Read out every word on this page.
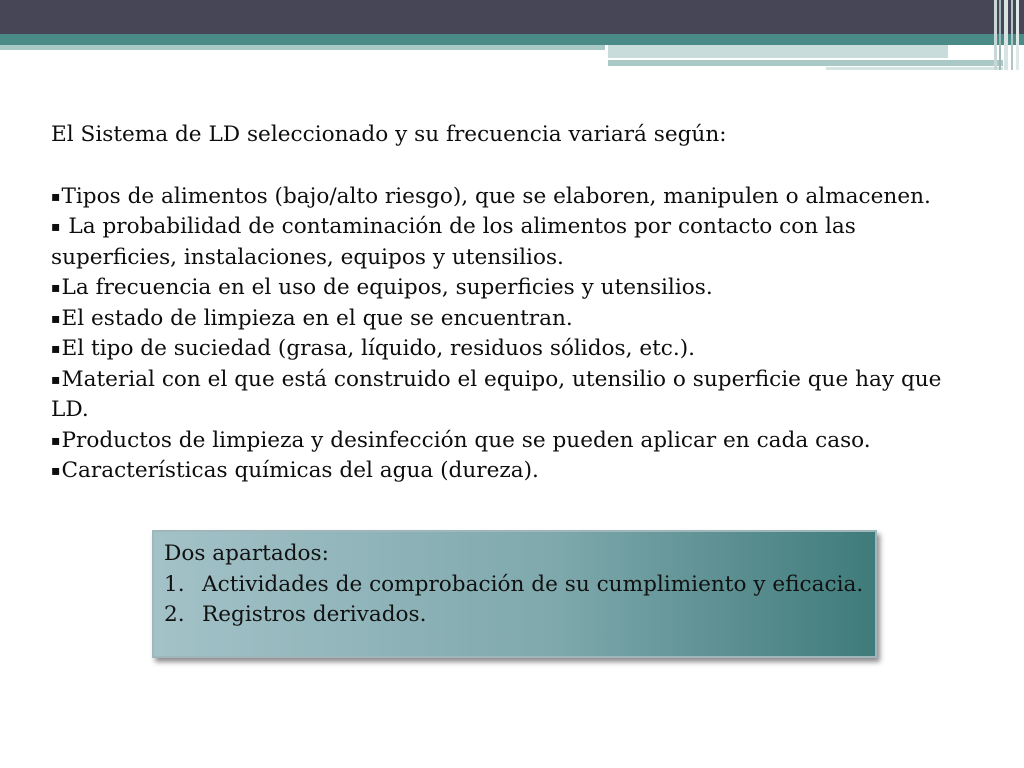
El Sistema de LD seleccionado y su frecuencia variará según:

▪Tipos de alimentos (bajo/alto riesgo), que se elaboren, manipulen o almacenen.
▪ La probabilidad de contaminación de los alimentos por contacto con las superficies, instalaciones, equipos y utensilios.
▪La frecuencia en el uso de equipos, superficies y utensilios.
▪El estado de limpieza en el que se encuentran.
▪El tipo de suciedad (grasa, líquido, residuos sólidos, etc.).
▪Material con el que está construido el equipo, utensilio o superficie que hay que LD.
▪Productos de limpieza y desinfección que se pueden aplicar en cada caso.
▪Características químicas del agua (dureza).

Dos apartados:

1. Actividades de comprobación de su cumplimiento y eficacia.
2. Registros derivados.
